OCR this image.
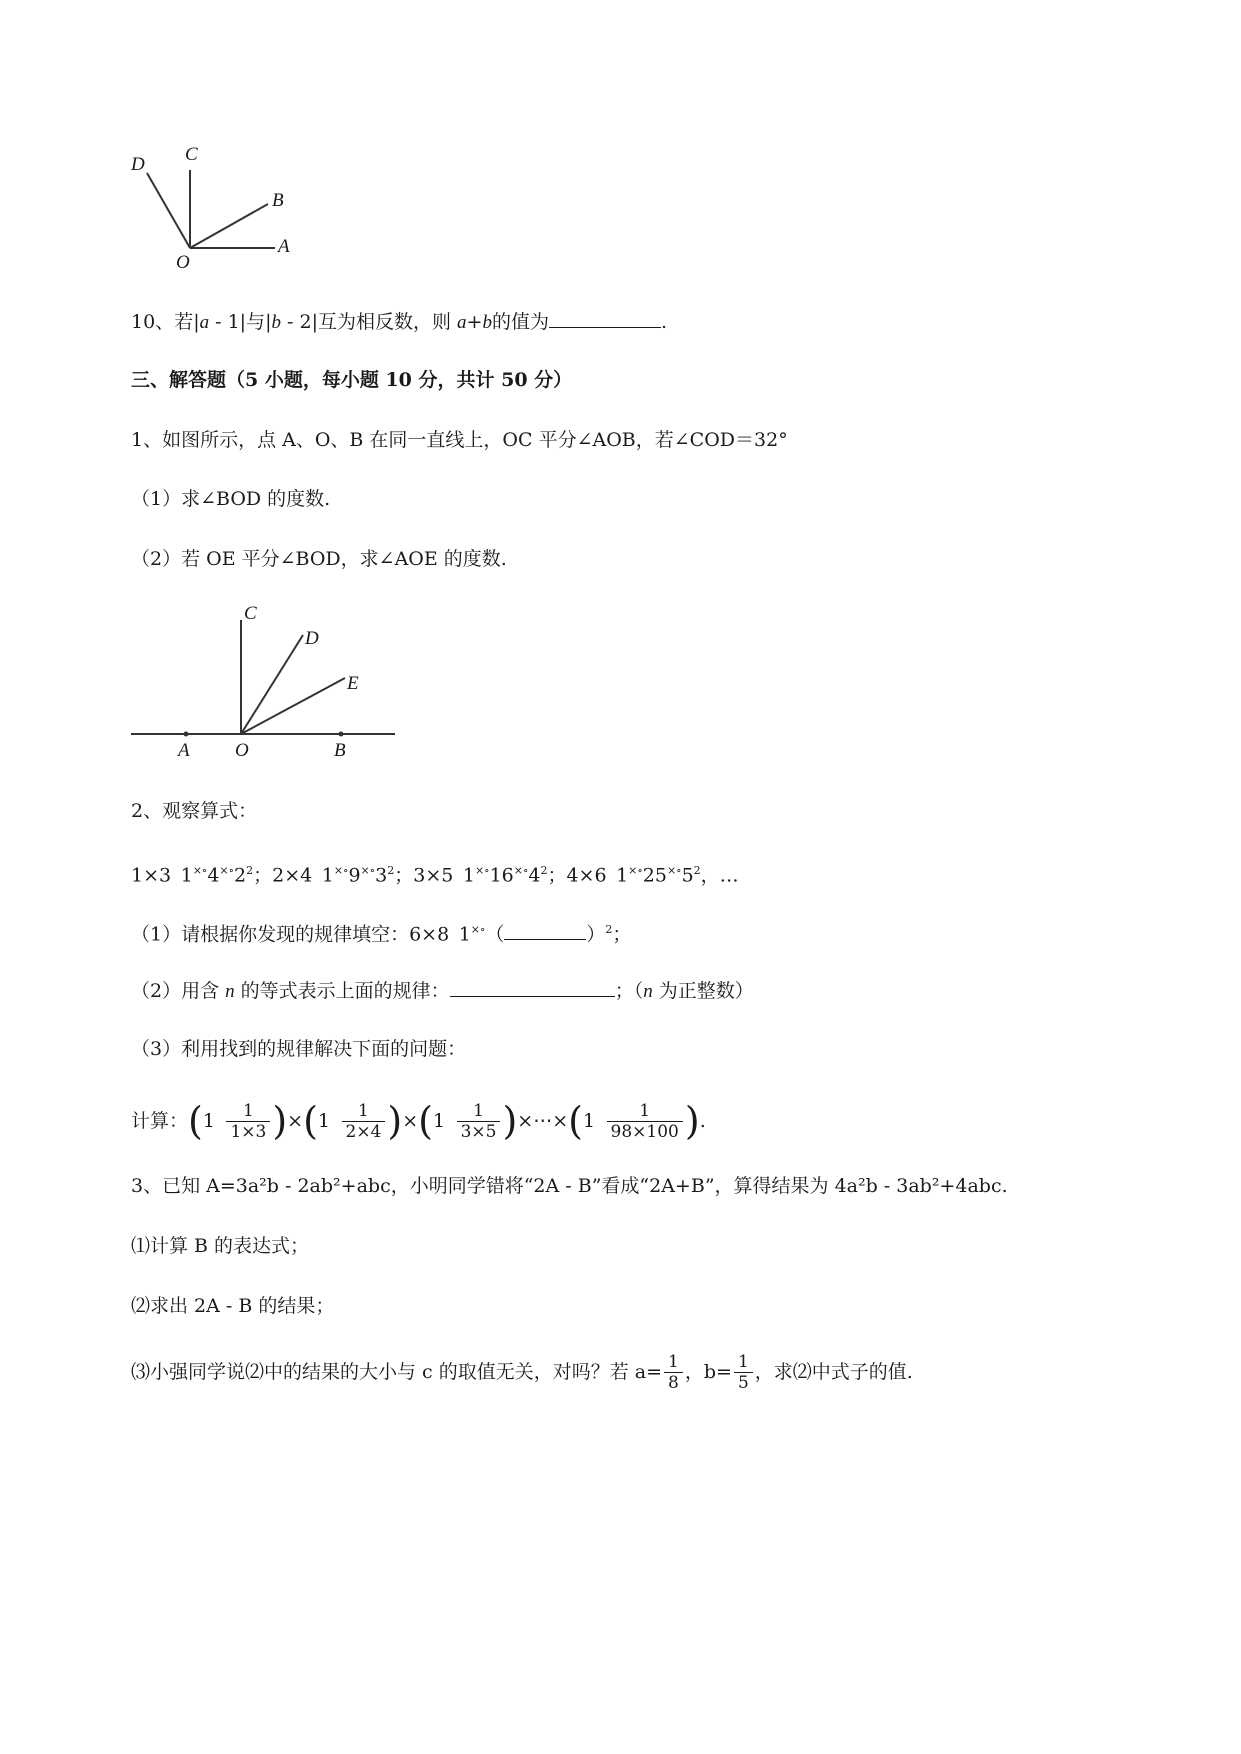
D C
B
O
A
10、若|a - 1|与|b - 2|互为相反数，则 a+b的值为	.
三、解答题（5 小题，每小题 10 分，共计 50 分）
1、如图所示，点 A、O、B 在同一直线上，OC 平分∠AOB，若∠COD＝32°
（1）求∠BOD 的度数.
（2）若 OE 平分∠BOD，求∠AOE 的度数.
C
D
E
A O	B
2、观察算式：
1×3  $1^{\times\circ}4^{\times\circ}2^2$；2×4  $1^{\times\circ}9^{\times\circ}3^2$；3×5  $1^{\times\circ}16^{\times\circ}4^2$；4×6  $1^{\times\circ}25^{\times\circ}5^2$，…
（1）请根据你发现的规律填空：6×8  1×∘（	）$^2$；
（2）用含 n 的等式表示上面的规律：	；（n 为正整数）
（3）利用找到的规律解决下面的问题：
计算： ( 1
  $\frac{1}{1\times 3}$ ) × ( 1
  $\frac{1}{2\times 4}$ ) × ( 1
  $\frac{1}{3\times 5}$ ) ×⋯× ( 1
  $\frac{1}{98\times 100}$ ) .
3、已知 A=3a²b - 2ab²+abc，小明同学错将“2A - B”看成“2A+B”，算得结果为 4a²b - 3ab²+4abc.
⑴计算 B 的表达式；
⑵求出 2A - B 的结果；
⑶小强同学说⑵中的结果的大小与 c 的取值无关，对吗？若 $a= \frac{1}{8}$ ，$b= \frac{1}{5}$ ，求⑵中式子的值.
